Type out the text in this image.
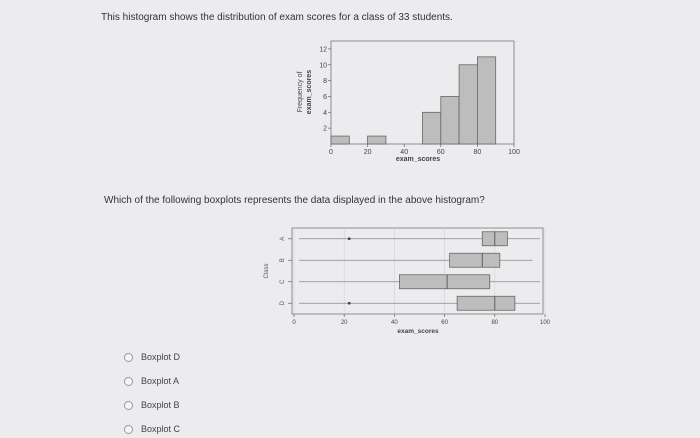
This histogram shows the distribution of exam scores for a class of 33 students.
2
4
6
8
10
12
0	20	40	60	80	100
Frequency of exam_scores
exam_scores
Which of the following boxplots represents the data displayed in the above histogram?
A
B
C
D
0	20	40	60	80	100
Class
exam_scores
Boxplot D
Boxplot A
Boxplot B
Boxplot C
